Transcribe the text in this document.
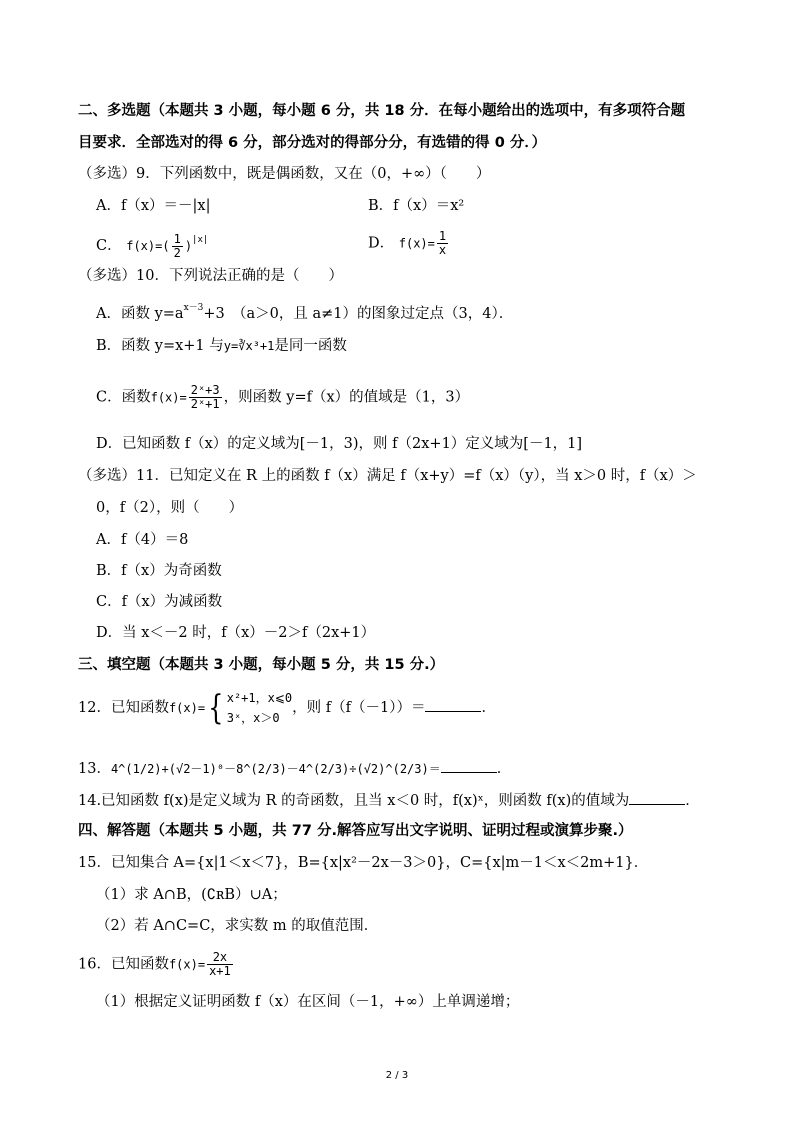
二、多选题（本题共 3 小题，每小题 6 分，共 18 分．在每小题给出的选项中，有多项符合题
目要求．全部选对的得 6 分，部分选对的得部分分，有选错的得 0 分．）
（多选）9．下列函数中，既是偶函数，又在（0，+∞）（　　）
A．f（x）＝－|x|	B．f（x）＝x²
C． $f(x)=( \frac{1}{2} )^{|x|}$	D． $f(x)= \frac{1}{x}$
（多选）10．下列说法正确的是（　　）
A．函数 $y=a^{x-3}+3$　（a＞0，且 a≠1）的图象过定点（3，4）．
B．函数 y=x+1 与y=∛x³+1是同一函数
C．函数$f(x)= \frac{\text{2ˣ+3}}{\text{2ˣ+1}}$ ，则函数 y=f（x）的值域是（1，3）
D．已知函数 f（x）的定义域为[－1，3)，则 f（2x+1）定义域为[－1，1]
（多选）11．已知定义在 R 上的函数 f（x）满足 f（x+y）=f（x）（y），当 x＞0 时，f（x）＞
0，f（2），则（　　）
A．f（4）＝8
B．f（x）为奇函数
C．f（x）为减函数
D．当 x＜－2 时，f（x）－2＞f（2x+1）
三、填空题（本题共 3 小题，每小题 5 分，共 15 分.）
12．已知函数f(x)={ x²+1，x⩽0
3ˣ，x＞0
，则 f（f（－1））＝	．
13．4^(1/2)+(√2－1)⁰－8^(2/3)－4^(2/3)÷(√2)^(2/3)＝	．
14.已知函数 f(x)是定义域为 R 的奇函数，且当 x＜0 时，f(x)ˣ，则函数 f(x)的值域为	．
四、解答题（本题共 5 小题，共 77 分.解答应写出文字说明、证明过程或演算步聚.）
15．已知集合 A={x|1＜x＜7}，B={x|x²－2x－3＞0}，C={x|m－1＜x＜2m+1}．
（1）求 A∩B，(∁ʀB）∪A；
（2）若 A∩C=C，求实数 m 的取值范围．
16．已知函数$f(x)= \frac{2x}{x+1}$
（1）根据定义证明函数 f（x）在区间（－1，+∞）上单调递增；
2 / 3
